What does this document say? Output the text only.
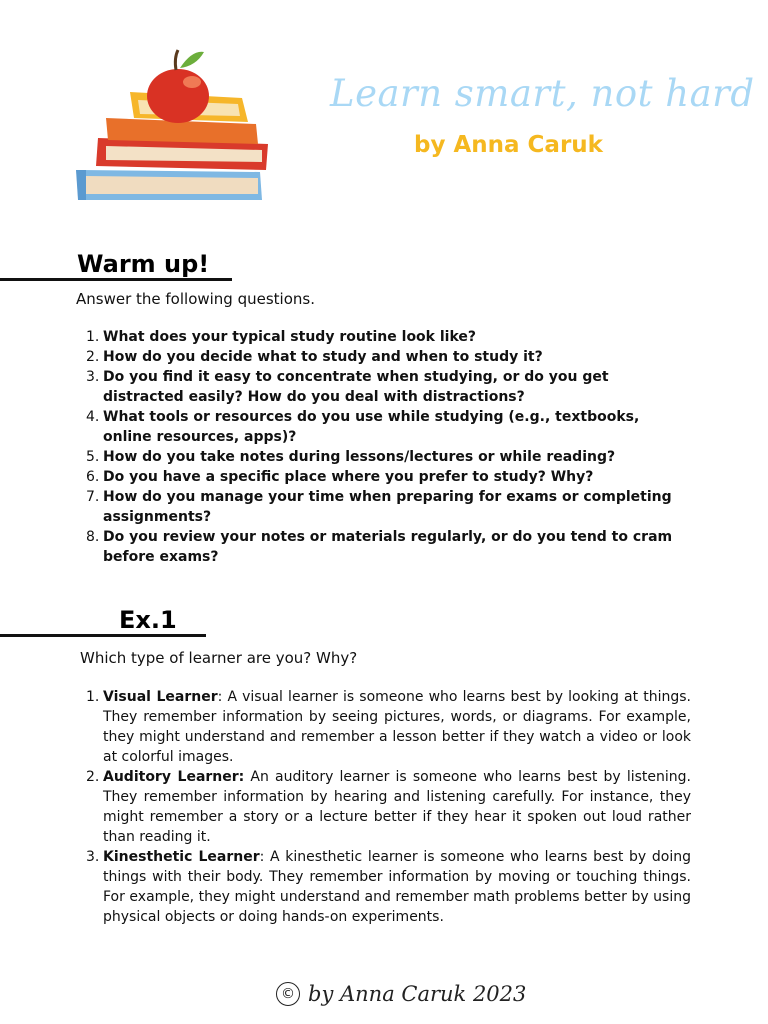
Learn smart, not hard
by Anna Caruk
Warm up!
Answer the following questions.
1. What does your typical study routine look like?
2. How do you decide what to study and when to study it?
3. Do you find it easy to concentrate when studying, or do you get distracted easily? How do you deal with distractions?
4. What tools or resources do you use while studying (e.g., textbooks, online resources, apps)?
5. How do you take notes during lessons/lectures or while reading?
6. Do you have a specific place where you prefer to study? Why?
7. How do you manage your time when preparing for exams or completing assignments?
8. Do you review your notes or materials regularly, or do you tend to cram before exams?
Ex.1
Which type of learner are you? Why?
1. Visual Learner: A visual learner is someone who learns best by looking at things. They remember information by seeing pictures, words, or diagrams. For example, they might understand and remember a lesson better if they watch a video or look at colorful images.
2. Auditory Learner: An auditory learner is someone who learns best by listening. They remember information by hearing and listening carefully. For instance, they might remember a story or a lecture better if they hear it spoken out loud rather than reading it.
3. Kinesthetic Learner: A kinesthetic learner is someone who learns best by doing things with their body. They remember information by moving or touching things. For example, they might understand and remember math problems better by using physical objects or doing hands-on experiments.
© by Anna Caruk 2023
